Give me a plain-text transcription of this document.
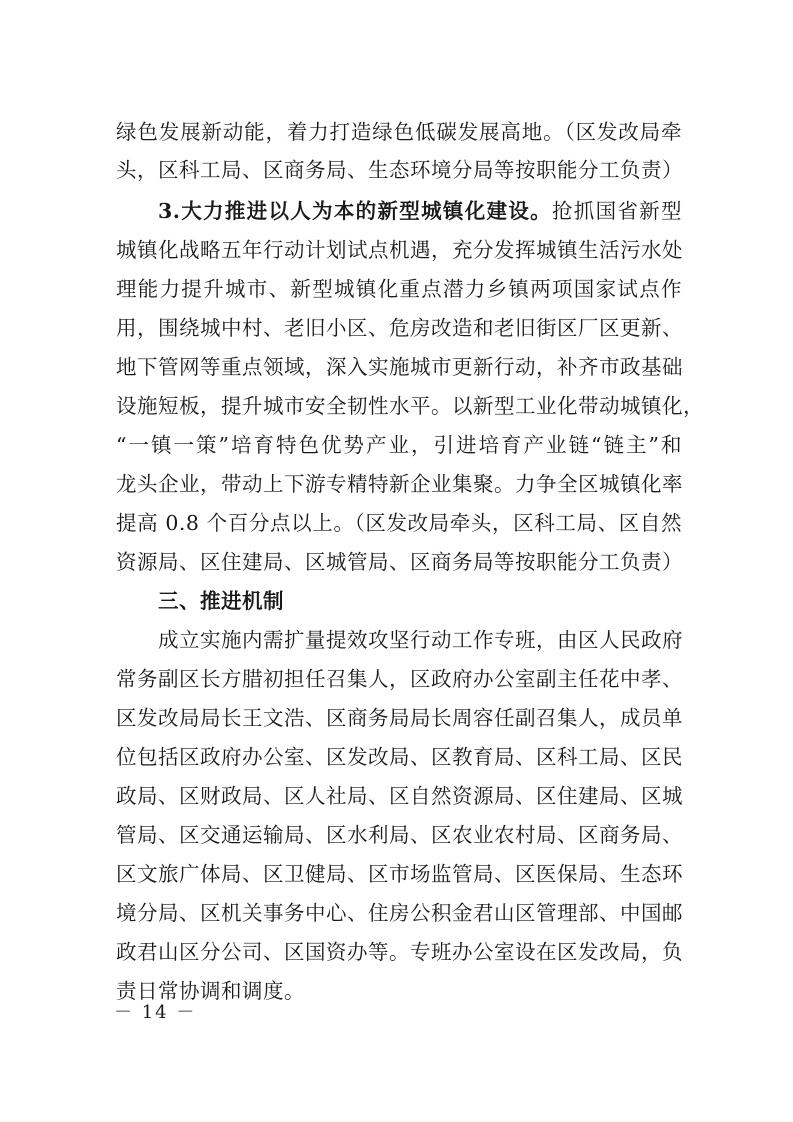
绿色发展新动能，着力打造绿色低碳发展高地。（区发改局牵
头，区科工局、区商务局、生态环境分局等按职能分工负责）
3.大力推进以人为本的新型城镇化建设。抢抓国省新型
城镇化战略五年行动计划试点机遇，充分发挥城镇生活污水处
理能力提升城市、新型城镇化重点潜力乡镇两项国家试点作
用，围绕城中村、老旧小区、危房改造和老旧街区厂区更新、
地下管网等重点领域，深入实施城市更新行动，补齐市政基础
设施短板，提升城市安全韧性水平。以新型工业化带动城镇化，
“一镇一策”培育特色优势产业，引进培育产业链“链主”和
龙头企业，带动上下游专精特新企业集聚。力争全区城镇化率
提高 0.8 个百分点以上。（区发改局牵头，区科工局、区自然
资源局、区住建局、区城管局、区商务局等按职能分工负责）
三、推进机制
成立实施内需扩量提效攻坚行动工作专班，由区人民政府
常务副区长方腊初担任召集人，区政府办公室副主任花中孝、
区发改局局长王文浩、区商务局局长周容任副召集人，成员单
位包括区政府办公室、区发改局、区教育局、区科工局、区民
政局、区财政局、区人社局、区自然资源局、区住建局、区城
管局、区交通运输局、区水利局、区农业农村局、区商务局、
区文旅广体局、区卫健局、区市场监管局、区医保局、生态环
境分局、区机关事务中心、住房公积金君山区管理部、中国邮
政君山区分公司、区国资办等。专班办公室设在区发改局，负
责日常协调和调度。
－ 14 －
